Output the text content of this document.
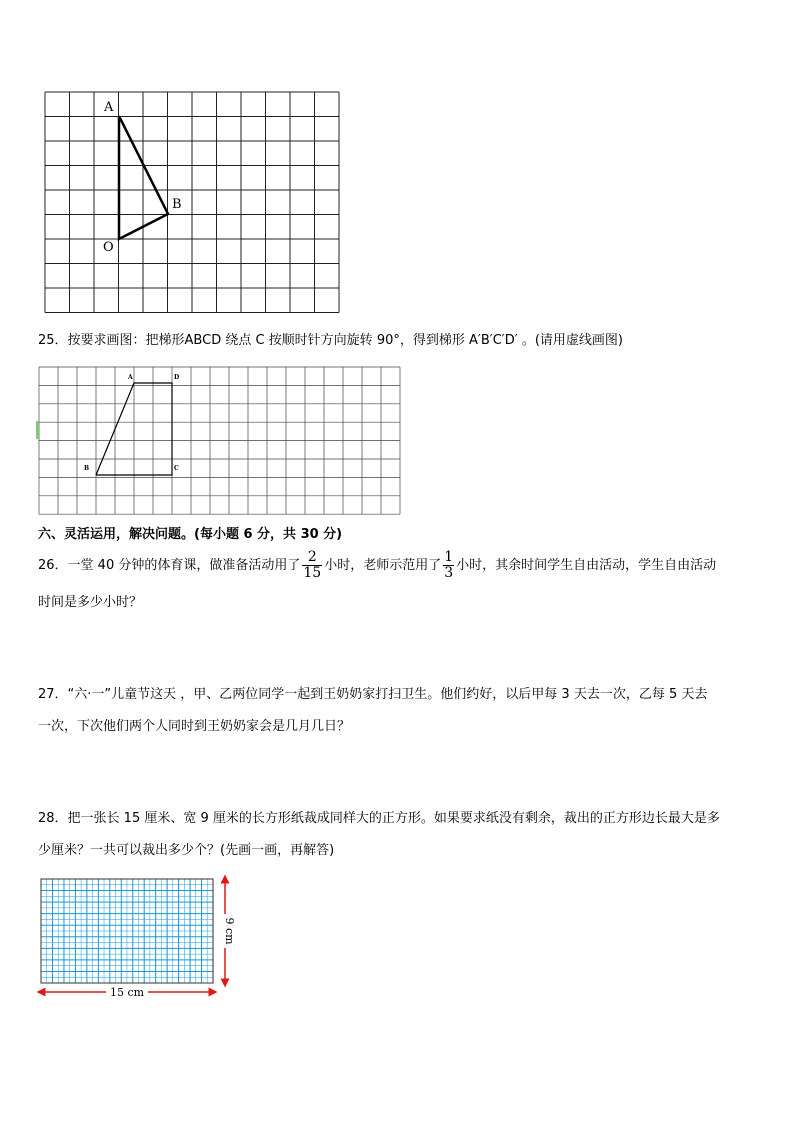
A
B
O
25．按要求画图：把梯形ABCD 绕点 C 按顺时针方向旋转 90°，得到梯形 A′B′C′D′ 。(请用虚线画图)
A	D
B	C
六、灵活运用，解决问题。(每小题 6 分，共 30 分)
26．一堂 40 分钟的体育课，做准备活动用了 $\frac{2}{15}$ 小时，老师示范用了 $\frac{1}{3}$ 小时，其余时间学生自由活动，学生自由活动
时间是多少小时？
27．“六·一”儿童节这天 ，甲、乙两位同学一起到王奶奶家打扫卫生。他们约好，以后甲每 3 天去一次，乙每 5 天去
一次，下次他们两个人同时到王奶奶家会是几月几日？
28．把一张长 15 厘米、宽 9 厘米的长方形纸裁成同样大的正方形。如果要求纸没有剩余，裁出的正方形边长最大是多
少厘米？一共可以裁出多少个？(先画一画，再解答)
15 cm
9 cm
